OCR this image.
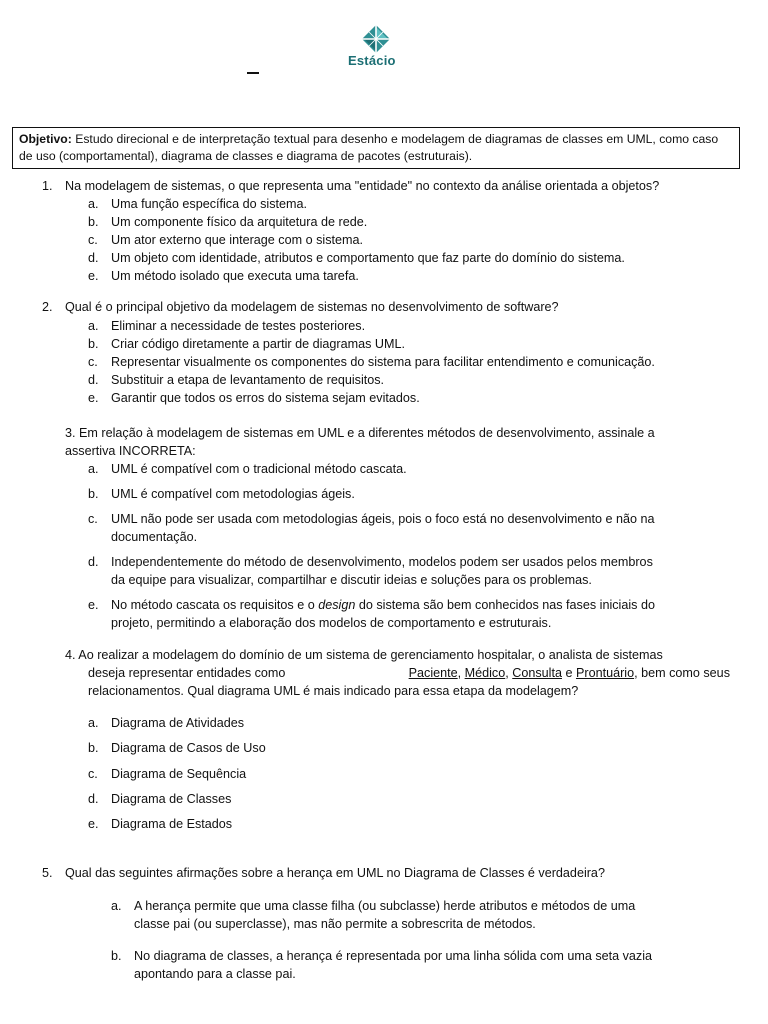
Estácio
Objetivo: Estudo direcional e de interpretação textual para desenho e modelagem de diagramas de classes em UML, como caso de uso (comportamental), diagrama de classes e diagrama de pacotes (estruturais).
1. Na modelagem de sistemas, o que representa uma "entidade" no contexto da análise orientada a objetos?
a. Uma função específica do sistema.
b. Um componente físico da arquitetura de rede.
c. Um ator externo que interage com o sistema.
d. Um objeto com identidade, atributos e comportamento que faz parte do domínio do sistema.
e. Um método isolado que executa uma tarefa.
2. Qual é o principal objetivo da modelagem de sistemas no desenvolvimento de software?
a. Eliminar a necessidade de testes posteriores.
b. Criar código diretamente a partir de diagramas UML.
c. Representar visualmente os componentes do sistema para facilitar entendimento e comunicação.
d. Substituir a etapa de levantamento de requisitos.
e. Garantir que todos os erros do sistema sejam evitados.
3. Em relação à modelagem de sistemas em UML e a diferentes métodos de desenvolvimento, assinale a
assertiva INCORRETA:
a. UML é compatível com o tradicional método cascata.
b. UML é compatível com metodologias ágeis.
c. UML não pode ser usada com metodologias ágeis, pois o foco está no desenvolvimento e não na
documentação.
d. Independentemente do método de desenvolvimento, modelos podem ser usados pelos membros
da equipe para visualizar, compartilhar e discutir ideias e soluções para os problemas.
e. No método cascata os requisitos e o design do sistema são bem conhecidos nas fases iniciais do
projeto, permitindo a elaboração dos modelos de comportamento e estruturais.
4. Ao realizar a modelagem do domínio de um sistema de gerenciamento hospitalar, o analista de sistemas
deseja representar entidades como	Paciente, Médico, Consulta e Prontuário, bem como seus
relacionamentos. Qual diagrama UML é mais indicado para essa etapa da modelagem?
a. Diagrama de Atividades
b. Diagrama de Casos de Uso
c. Diagrama de Sequência
d. Diagrama de Classes
e. Diagrama de Estados
5. Qual das seguintes afirmações sobre a herança em UML no Diagrama de Classes é verdadeira?
a. A herança permite que uma classe filha (ou subclasse) herde atributos e métodos de uma
classe pai (ou superclasse), mas não permite a sobrescrita de métodos.
b. No diagrama de classes, a herança é representada por uma linha sólida com uma seta vazia
apontando para a classe pai.
